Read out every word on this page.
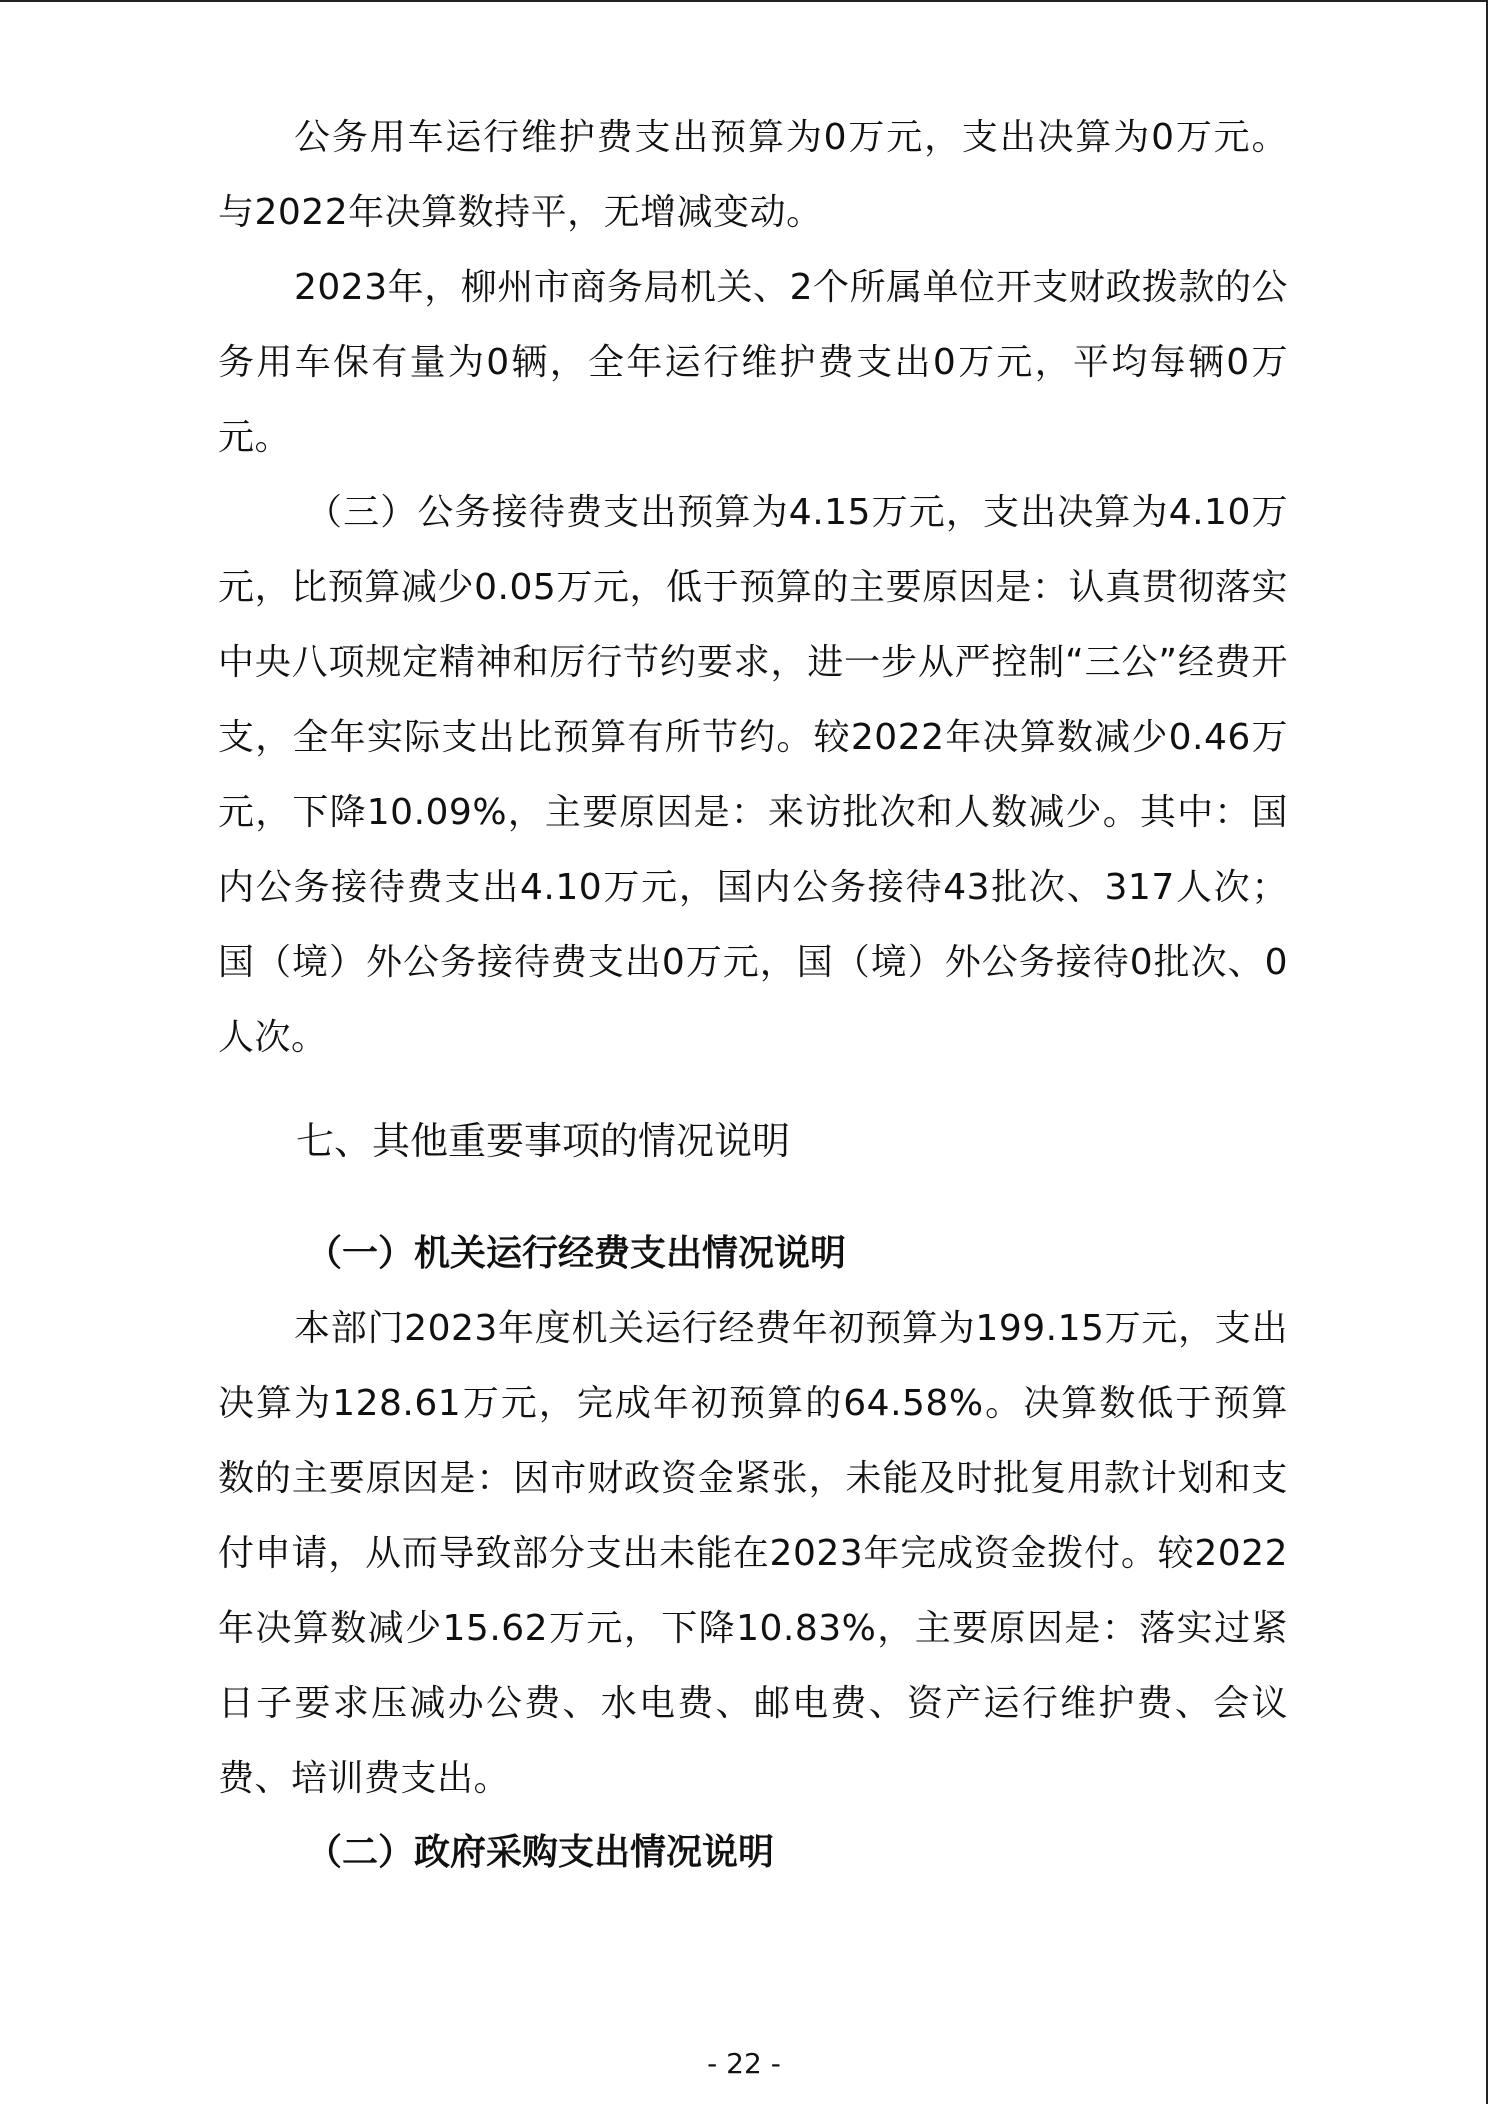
公务用车运行维护费支出预算为0万元，支出决算为0万元。与2022年决算数持平，无增减变动。

2023年，柳州市商务局机关、2个所属单位开支财政拨款的公务用车保有量为0辆，全年运行维护费支出0万元，平均每辆0万元。

（三）公务接待费支出预算为4.15万元，支出决算为4.10万元，比预算减少0.05万元，低于预算的主要原因是：认真贯彻落实中央八项规定精神和厉行节约要求，进一步从严控制“三公”经费开支，全年实际支出比预算有所节约。较2022年决算数减少0.46万元，下降10.09%，主要原因是：来访批次和人数减少。其中：国内公务接待费支出4.10万元，国内公务接待43批次、317人次；国（境）外公务接待费支出0万元，国（境）外公务接待0批次、0人次。

七、其他重要事项的情况说明
（一）机关运行经费支出情况说明

本部门2023年度机关运行经费年初预算为199.15万元，支出决算为128.61万元，完成年初预算的64.58%。决算数低于预算数的主要原因是：因市财政资金紧张，未能及时批复用款计划和支付申请，从而导致部分支出未能在2023年完成资金拨付。较2022年决算数减少15.62万元，下降10.83%，主要原因是：落实过紧日子要求压减办公费、水电费、邮电费、资产运行维护费、会议费、培训费支出。

（二）政府采购支出情况说明
- 22 -
